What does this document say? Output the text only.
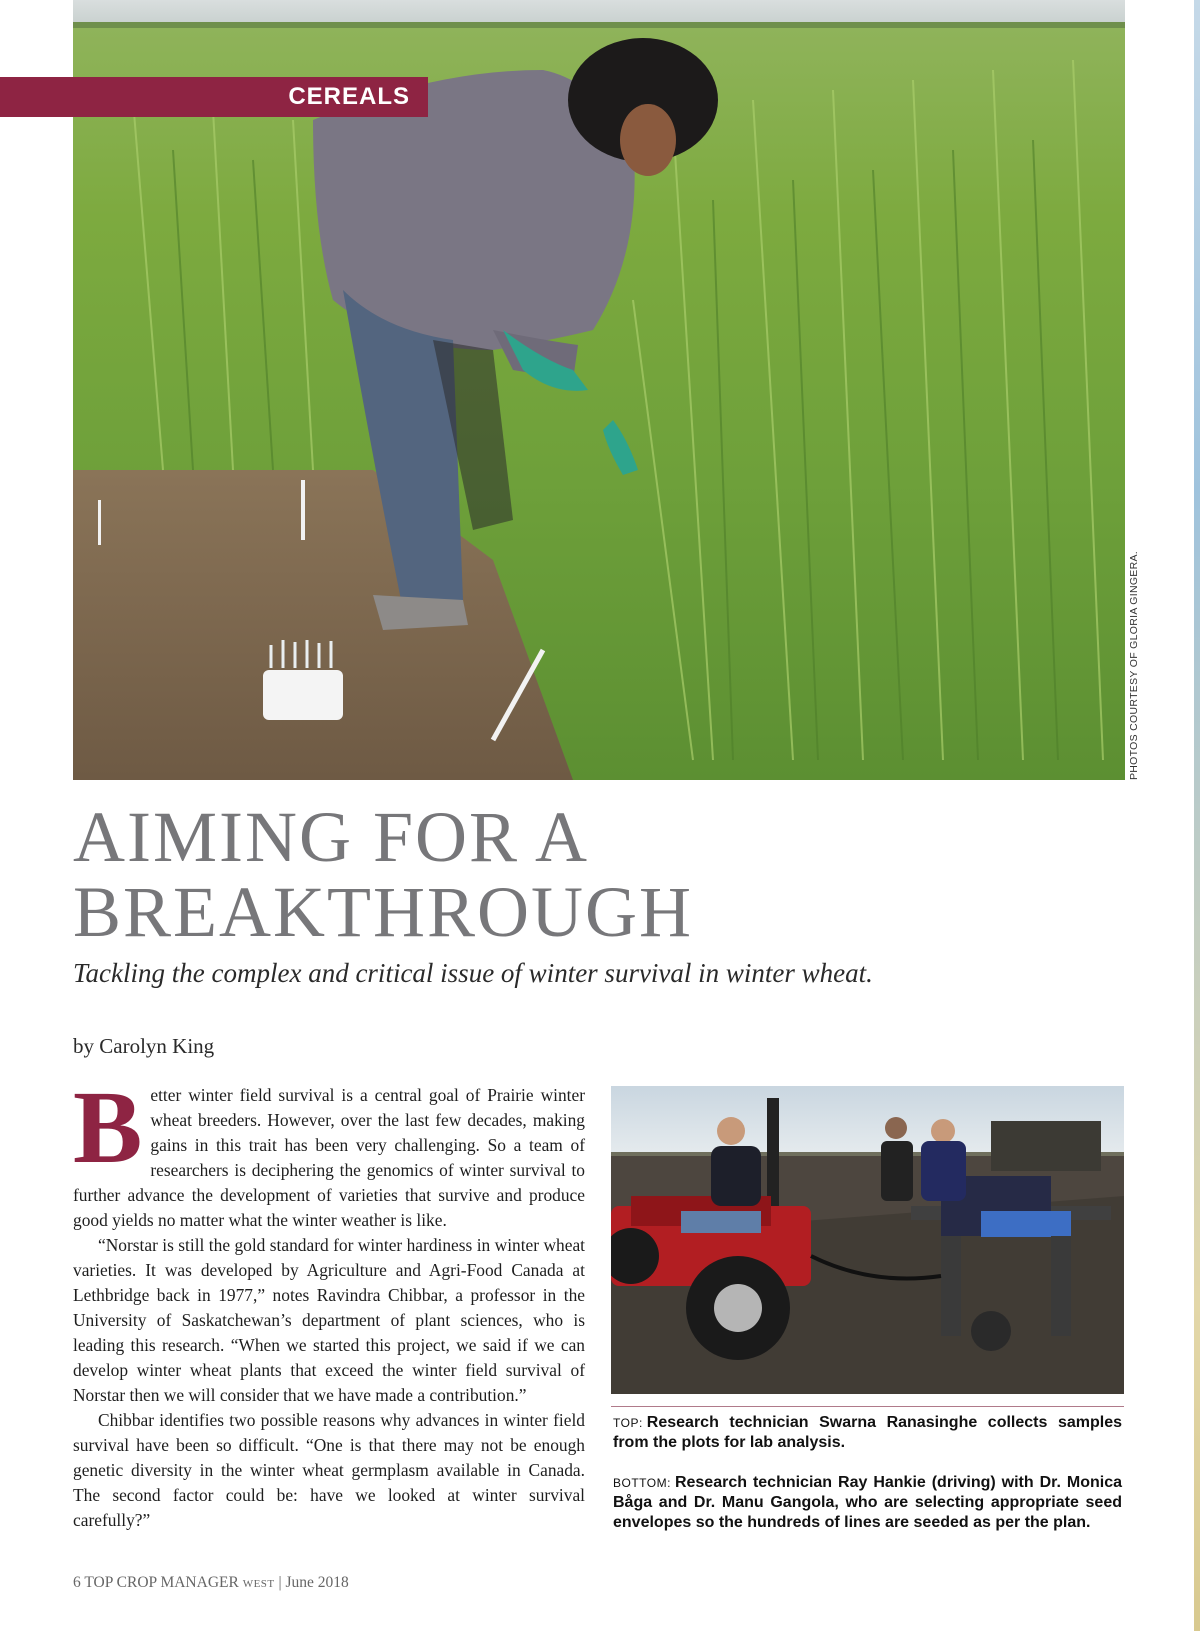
PHOTOS COURTESY OF GLORIA GINGERA.
CEREALS
AIMING FOR A
BREAKTHROUGH

Tackling the complex and critical issue of winter survival in winter wheat.

by Carolyn King

Better winter field survival is a central goal of Prairie winter wheat breeders. However, over the last few decades, making gains in this trait has been very challenging. So a team of researchers is deciphering the genomics of winter survival to further advance the development of varieties that survive and produce good yields no matter what the winter weather is like.

“Norstar is still the gold standard for winter hardiness in winter wheat varieties. It was developed by Agriculture and Agri-Food Canada at Lethbridge back in 1977,” notes Ravindra Chibbar, a professor in the University of Saskatchewan’s department of plant sciences, who is leading this research. “When we started this project, we said if we can develop winter wheat plants that exceed the winter field survival of Norstar then we will consider that we have made a contribution.”

Chibbar identifies two possible reasons why advances in winter field survival have been so difficult. “One is that there may not be enough genetic diversity in the winter wheat germplasm available in Canada. The second factor could be: have we looked at winter survival carefully?”

TOP: Research technician Swarna Ranasinghe collects samples from the plots for lab analysis.

BOTTOM: Research technician Ray Hankie (driving) with Dr. Monica Båga and Dr. Manu Gangola, who are selecting appropriate seed envelopes so the hundreds of lines are seeded as per the plan.

6 TOP CROP MANAGER WEST | June 2018
